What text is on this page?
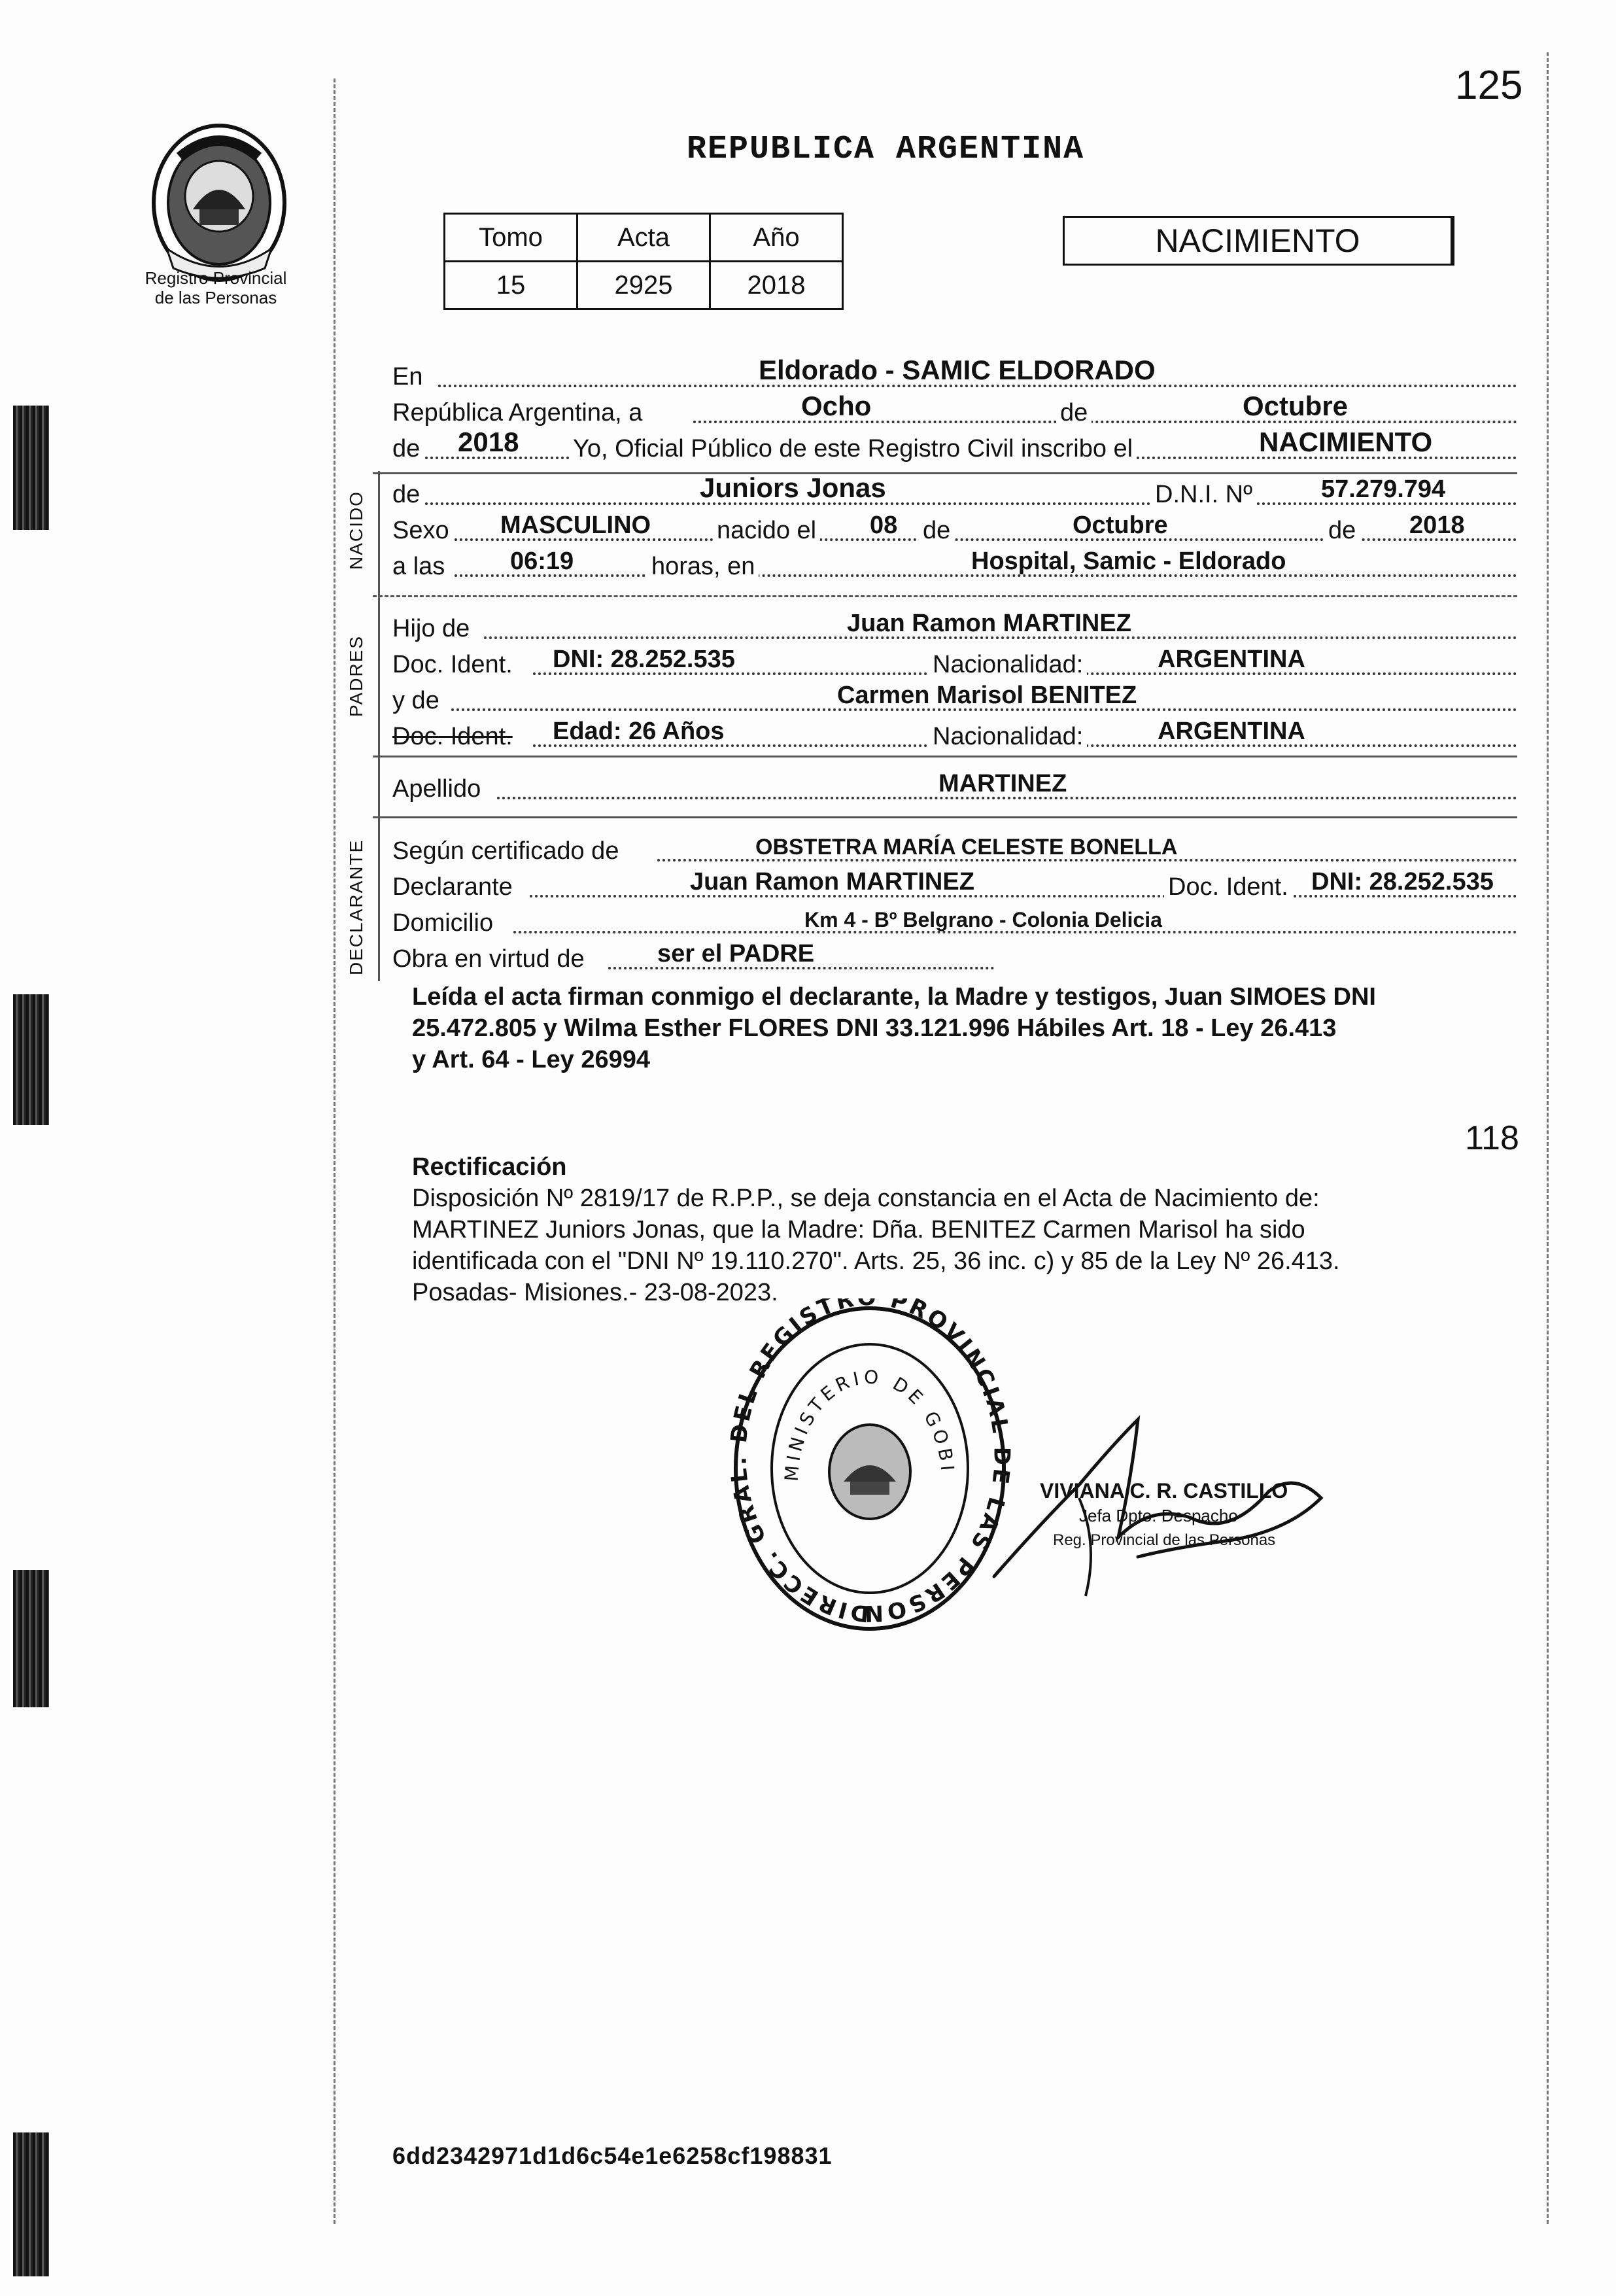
125
Registro Provincial
de las Personas
REPUBLICA ARGENTINA
Tomo	Acta	Año
15	2925	2018
NACIMIENTO
En	Eldorado - SAMIC ELDORADO
República Argentina, a	Ocho	de	Octubre
de 2018 Yo, Oficial Público de este Registro Civil inscribo el	NACIMIENTO
NACIDO de	Juniors Jonas	D.N.I. Nº	57.279.794
Sexo MASCULINO	nacido el 08 de	Octubre	de 2018
a las	06:19	horas, en	Hospital, Samic - Eldorado
PADRES
Hijo de	Juan Ramon MARTINEZ
Doc. Ident. DNI: 28.252.535	Nacionalidad:	ARGENTINA
y de	Carmen Marisol BENITEZ
Doc. Ident. Edad: 26 Años	Nacionalidad:	ARGENTINA
Apellido	MARTINEZ
DECLARANTE Según certificado de	OBSTETRA MARÍA CELESTE BONELLA
Declarante	Juan Ramon MARTINEZ	Doc. Ident. DNI: 28.252.535
Domicilio	Km 4 - Bº Belgrano - Colonia Delicia
Obra en virtud de	ser el PADRE
Leída el acta firman conmigo el declarante, la Madre y testigos, Juan SIMOES DNI
25.472.805 y Wilma Esther FLORES DNI 33.121.996 Hábiles Art. 18 - Ley 26.413
y Art. 64 - Ley 26994
118
Rectificación
Disposición Nº 2819/17 de R.P.P., se deja constancia en el Acta de Nacimiento de:
MARTINEZ Juniors Jonas, que la Madre: Dña. BENITEZ Carmen Marisol ha sido
identificada con el "DNI Nº 19.110.270". Arts. 25, 36 inc. c) y 85 de la Ley Nº 26.413.
Posadas- Misiones.- 23-08-2023.
DIRECC. GRAL. DEL REGISTR PROVINCIAL DE LAS PERSON
MINISTERIO DE GOBI
VIVIANA C. R. CASTILLO
Jefa Dpto. Despacho
Reg. Provincial de las Personas
6dd2342971d1d6c54e1e6258cf198831
